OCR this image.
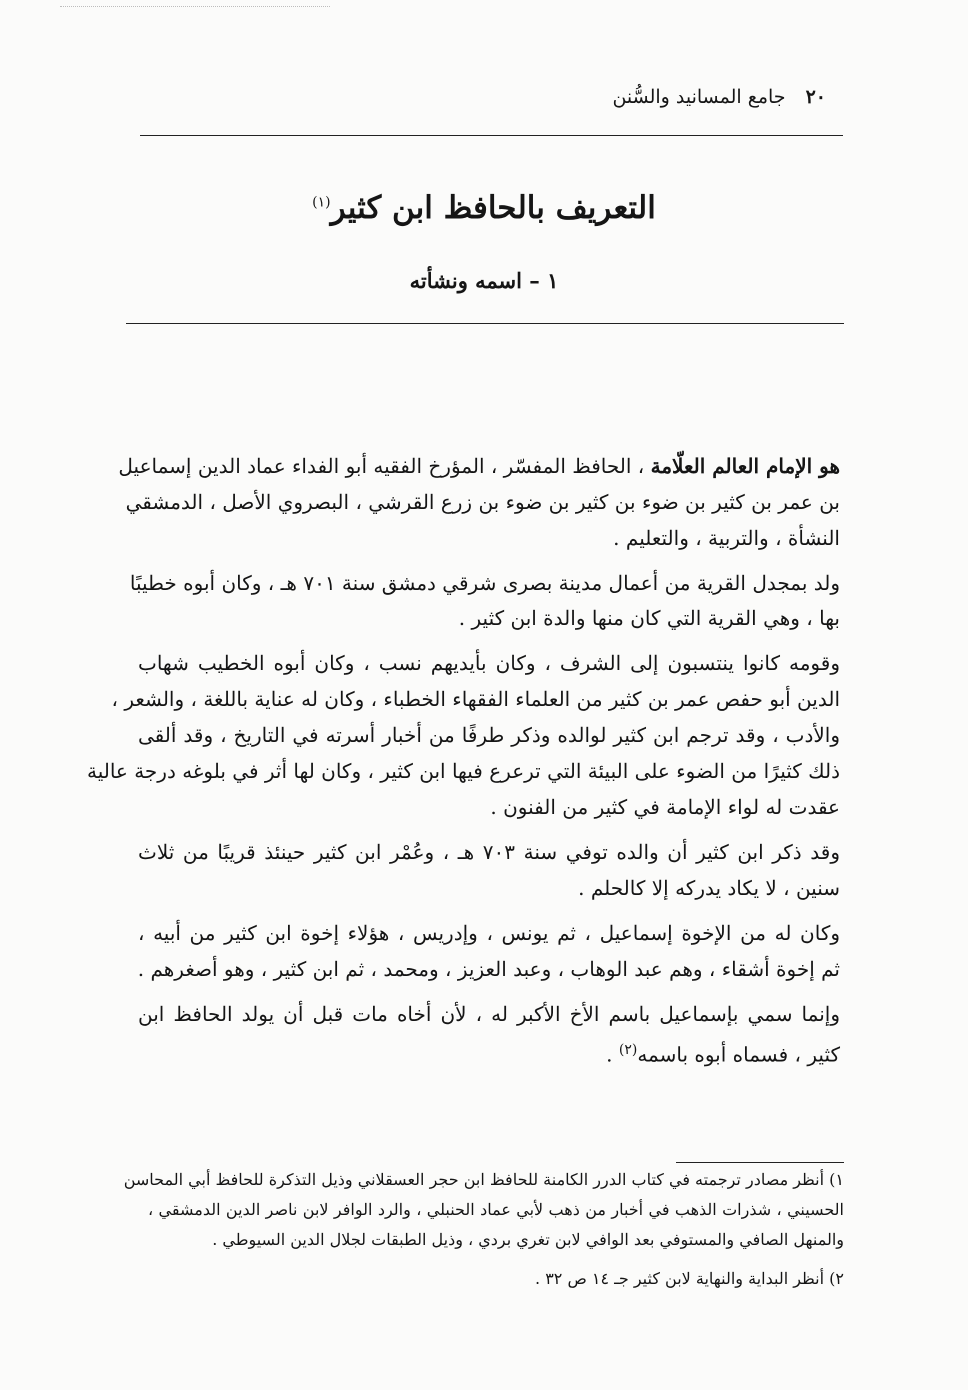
٢٠ جامع المسانيد والسُّنن
التعريف بالحافظ ابن كثير$^{(١)}$
١ – اسمه ونشأته
هو الإمام العالم العلّامة ، الحافظ المفسّر ، المؤرخ الفقيه أبو الفداء عماد الدين إسماعيل
بن عمر بن كثير بن ضوء بن كثير بن ضوء بن زرع القرشي ، البصروي الأصل ، الدمشقي
النشأة ، والتربية ، والتعليم .
ولد بمجدل القرية من أعمال مدينة بصرى شرقي دمشق سنة ٧٠١ هـ ، وكان أبوه خطيبًا
بها ، وهي القرية التي كان منها والدة ابن كثير .
وقومه كانوا ينتسبون إلى الشرف ، وكان بأيديهم نسب ، وكان أبوه الخطيب شهاب
الدين أبو حفص عمر بن كثير من العلماء الفقهاء الخطباء ، وكان له عناية باللغة ، والشعر ،
والأدب ، وقد ترجم ابن كثير لوالده وذكر طرفًا من أخبار أسرته في التاريخ ، وقد ألقى
ذلك كثيرًا من الضوء على البيئة التي ترعرع فيها ابن كثير ، وكان لها أثر في بلوغه درجة عالية
عقدت له لواء الإمامة في كثير من الفنون .
وقد ذكر ابن كثير أن والده توفي سنة ٧٠٣ هـ ، وعُمْر ابن كثير حينئذ قريبًا من ثلاث
سنين ، لا يكاد يدركه إلا كالحلم .
وكان له من الإخوة إسماعيل ، ثم يونس ، وإدريس ، هؤلاء إخوة ابن كثير من أبيه ،
ثم إخوة أشقاء ، وهم عبد الوهاب ، وعبد العزيز ، ومحمد ، ثم ابن كثير ، وهو أصغرهم .
وإنما سمي بإسماعيل باسم الأخ الأكبر له ، لأن أخاه مات قبل أن يولد الحافظ ابن
كثير ، فسماه أبوه باسمه$^{(٢)}$ .
١) أنظر مصادر ترجمته في كتاب الدرر الكامنة للحافظ ابن حجر العسقلاني وذيل التذكرة للحافظ أبي المحاسن
الحسيني ، شذرات الذهب في أخبار من ذهب لأبي عماد الحنبلي ، والرد الوافر لابن ناصر الدين الدمشقي ،
والمنهل الصافي والمستوفي بعد الوافي لابن تغري بردي ، وذيل الطبقات لجلال الدين السيوطي .
٢) أنظر البداية والنهاية لابن كثير جـ ١٤ ص ٣٢ .
